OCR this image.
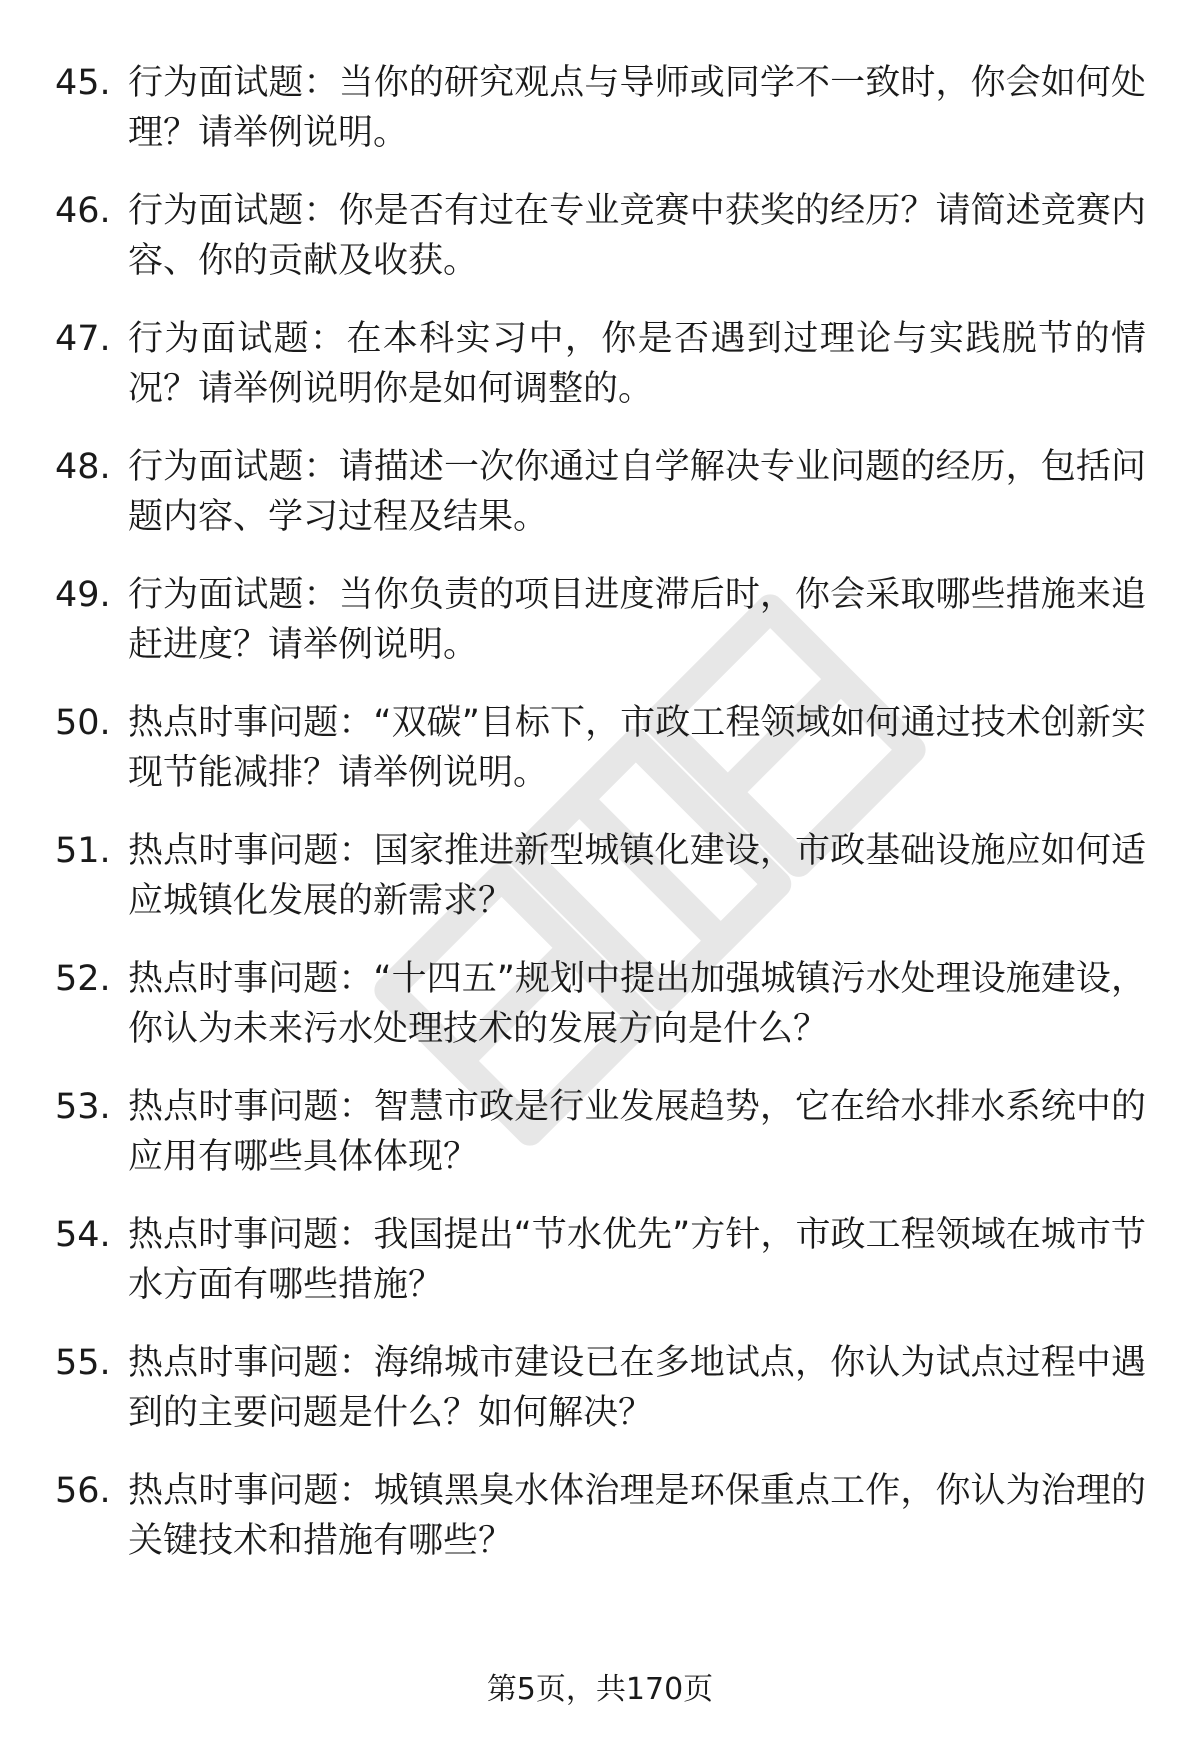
45. 行为面试题：当你的研究观点与导师或同学不一致时，你会如何处理？请举例说明。
46. 行为面试题：你是否有过在专业竞赛中获奖的经历？请简述竞赛内容、你的贡献及收获。
47. 行为面试题：在本科实习中，你是否遇到过理论与实践脱节的情况？请举例说明你是如何调整的。
48. 行为面试题：请描述一次你通过自学解决专业问题的经历，包括问题内容、学习过程及结果。
49. 行为面试题：当你负责的项目进度滞后时，你会采取哪些措施来追赶进度？请举例说明。
50. 热点时事问题：“双碳”目标下，市政工程领域如何通过技术创新实现节能减排？请举例说明。
51. 热点时事问题：国家推进新型城镇化建设，市政基础设施应如何适应城镇化发展的新需求？
52. 热点时事问题：“十四五”规划中提出加强城镇污水处理设施建设，你认为未来污水处理技术的发展方向是什么？
53. 热点时事问题：智慧市政是行业发展趋势，它在给水排水系统中的应用有哪些具体体现？
54. 热点时事问题：我国提出“节水优先”方针，市政工程领域在城市节水方面有哪些措施？
55. 热点时事问题：海绵城市建设已在多地试点，你认为试点过程中遇到的主要问题是什么？如何解决？
56. 热点时事问题：城镇黑臭水体治理是环保重点工作，你认为治理的关键技术和措施有哪些？
第5页，共170页
